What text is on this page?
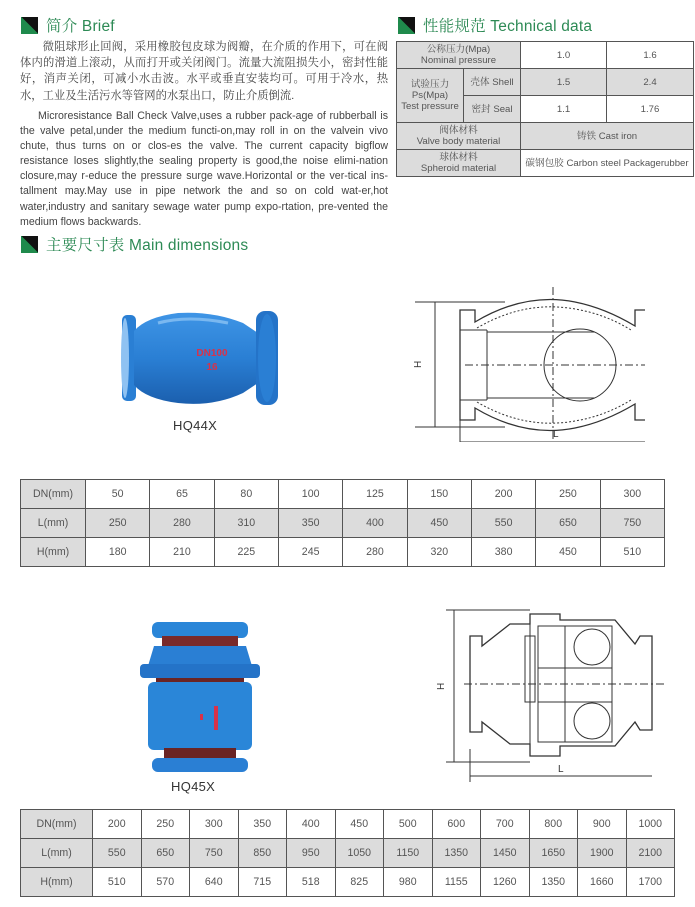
简介 Brief

微阻球形止回阀，采用橡胶包皮球为阀瓣，在介质的作用下，可在阀体内的滑道上滚动，从而打开或关闭阀门。流量大流阻损失小，密封性能好，消声关闭，可减小水击波。水平或垂直安装均可。可用于冷水，热水，工业及生活污水等管网的水泵出口，防止介质倒流.

Microresistance Ball Check Valve,uses a rubber pack-age of rubberball is the valve petal,under the medium functi-on,may roll in on the valvein vivo chute, thus turns on or clos-es the valve. The current capacity bigflow resistance loses slightly,the sealing property is good,the noise elimi-nation closure,may r-educe the pressure surge wave.Horizontal or the ver-tical ins-tallment may.May use in pipe network the and so on cold wat-er,hot water,industry and sanitary sewage water pump expo-rtation, pre-vented the medium flows backwards.

性能规范 Technical data
公称压力(Mpa)
Nominal pressure		1.0	1.6

试验压力
Ps(Mpa)
Test pressure	壳体 Shell	1.5	2.4
	密封 Seal	1.1	1.76

阀体材料
Valve body material		铸铁 Cast iron	

球体材料
Spheroid material		碳钢包胶 Carbon steel Packagerubber	
主要尺寸表 Main dimensions
DN100
16
HQ44X
H
L
DN(mm)	50	65	80	100	125	150	200	250	300
L(mm)	250	280	310	350	400	450	550	650	750
H(mm)	180	210	225	245	280	320	380	450	510
HQ45X
H
L
DN(mm)	200	250	300	350	400	450	500	600	700	800	900	1000
L(mm)	550	650	750	850	950	1050	1150	1350	1450	1650	1900	2100
H(mm)	510	570	640	715	518	825	980	1155	1260	1350	1660	1700
